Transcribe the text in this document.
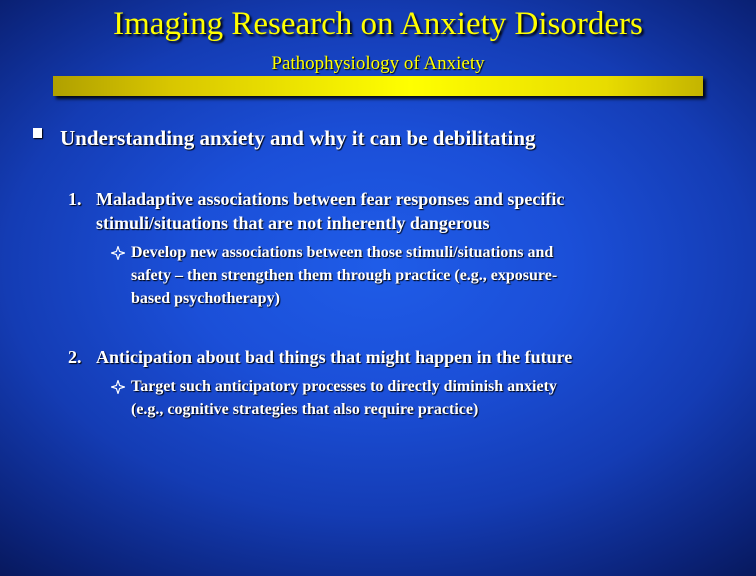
Imaging Research on Anxiety Disorders
Pathophysiology of Anxiety
Understanding anxiety and why it can be debilitating
1. Maladaptive associations between fear responses and specific
stimuli/situations that are not inherently dangerous
Develop new associations between those stimuli/situations and
safety – then strengthen them through practice (e.g., exposure-
based psychotherapy)
2. Anticipation about bad things that might happen in the future
Target such anticipatory processes to directly diminish anxiety
(e.g., cognitive strategies that also require practice)
